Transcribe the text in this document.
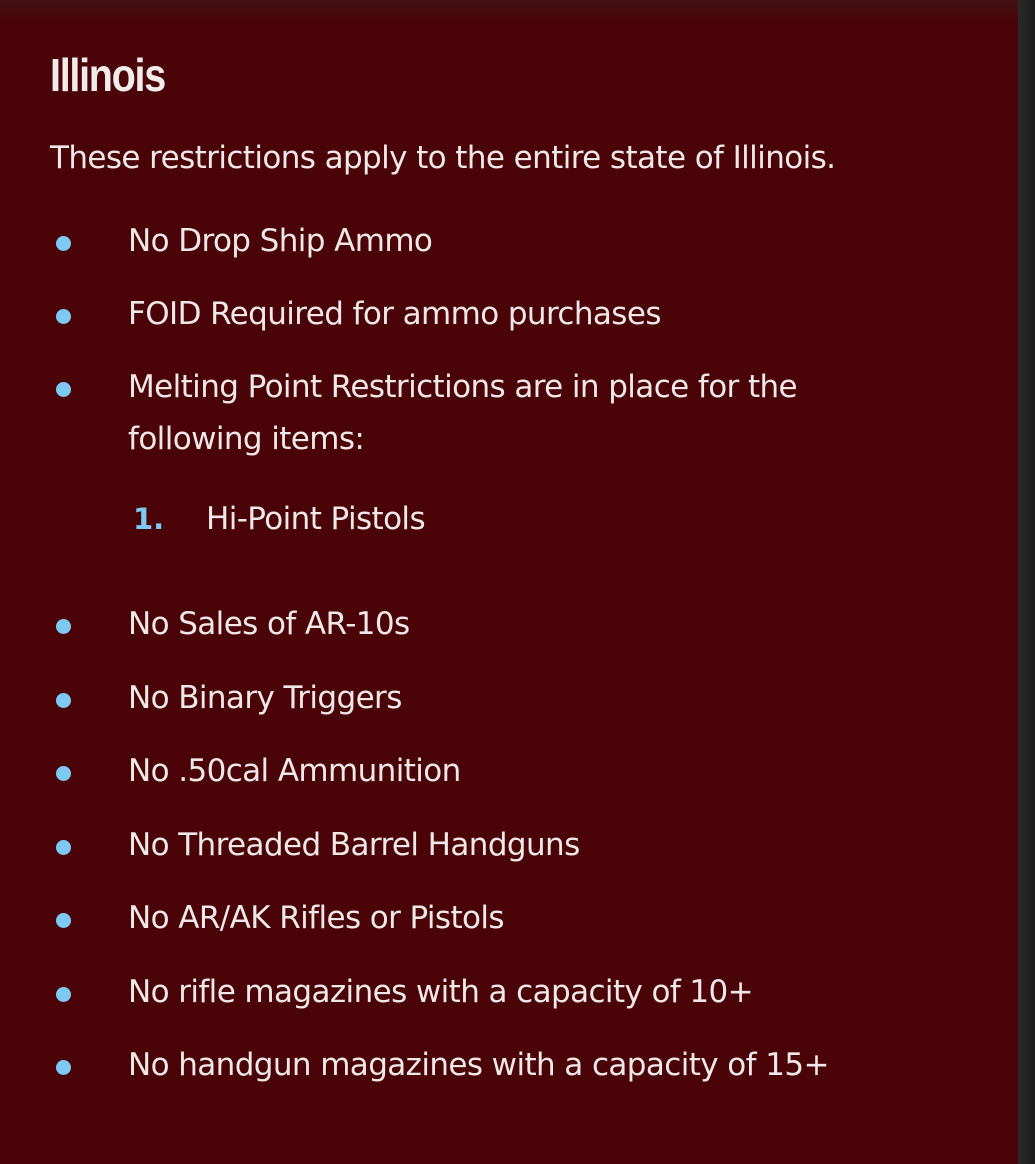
Illinois

These restrictions apply to the entire state of Illinois.

No Drop Ship Ammo

FOID Required for ammo purchases

Melting Point Restrictions are in place for the following items:

1. Hi-Point Pistols

No Sales of AR-10s

No Binary Triggers

No .50cal Ammunition

No Threaded Barrel Handguns

No AR/AK Rifles or Pistols

No rifle magazines with a capacity of 10+

No handgun magazines with a capacity of 15+
